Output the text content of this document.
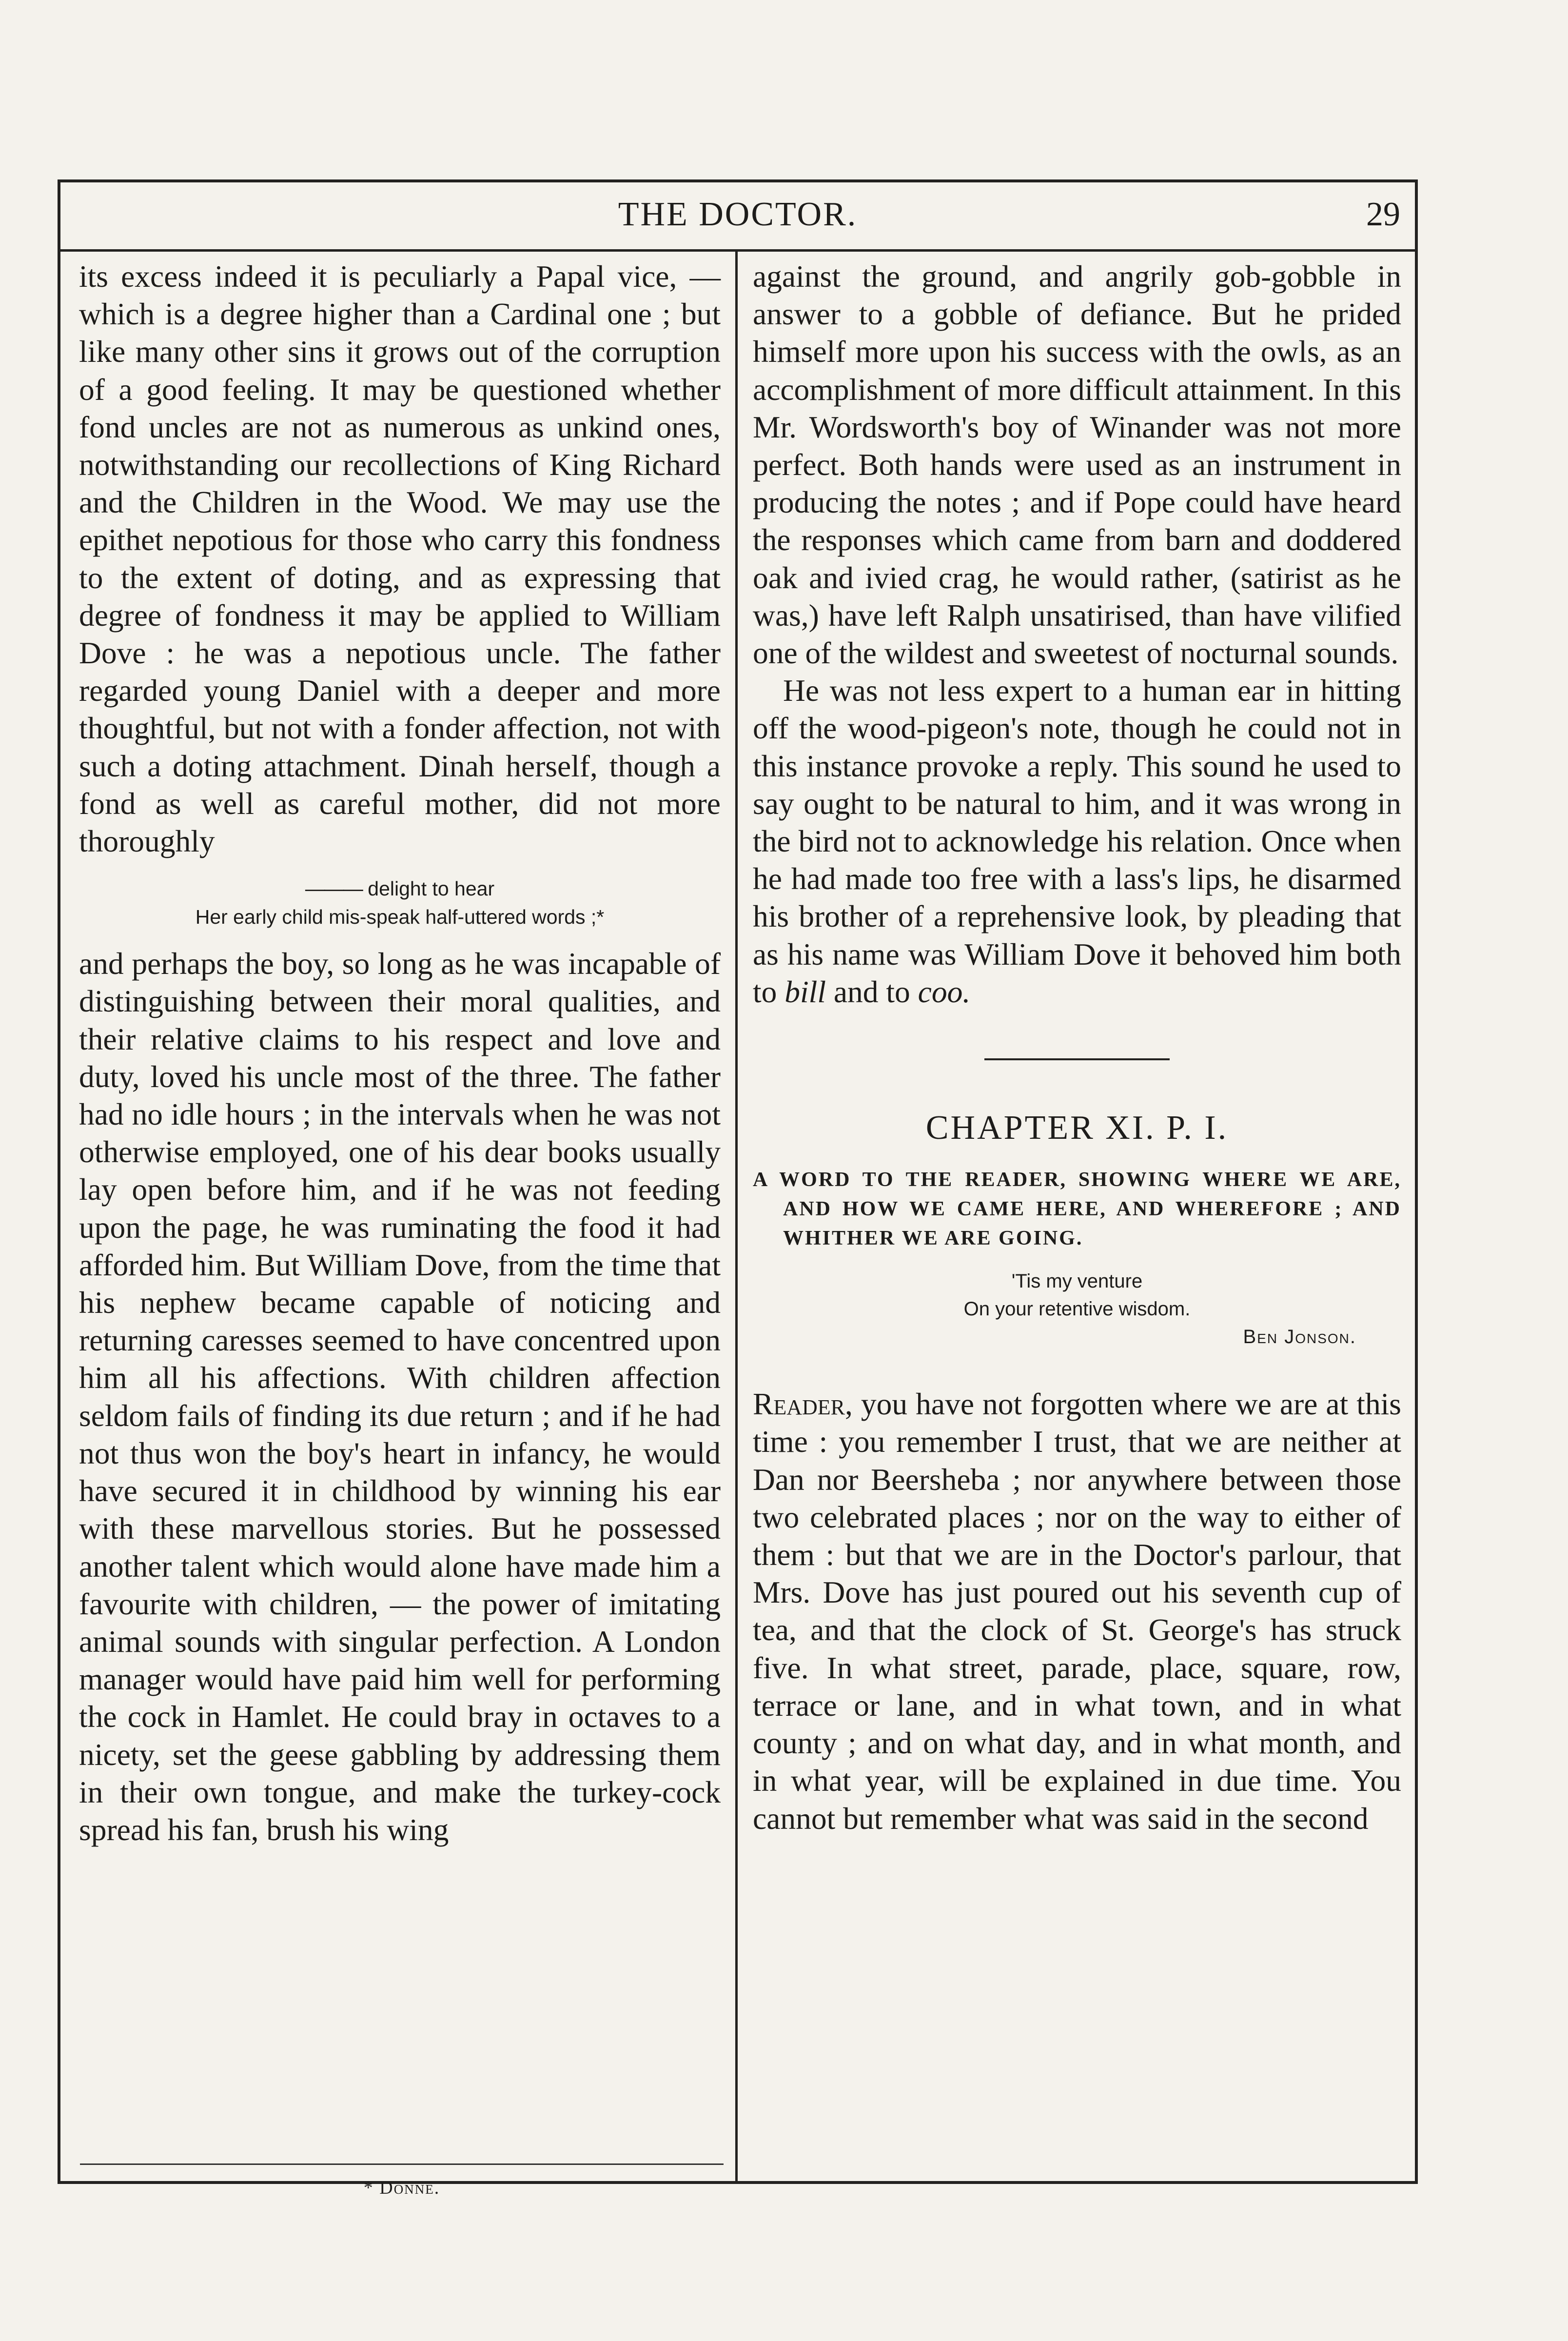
THE DOCTOR.	29

its excess indeed it is peculiarly a Papal vice, — which is a degree higher than a Cardinal one ; but like many other sins it grows out of the corruption of a good feeling. It may be questioned whether fond uncles are not as numerous as unkind ones, notwithstanding our recollections of King Richard and the Children in the Wood. We may use the epithet nepotious for those who carry this fondness to the extent of doting, and as expressing that degree of fondness it may be applied to William Dove : he was a nepotious uncle. The father regarded young Daniel with a deeper and more thoughtful, but not with a fonder affection, not with such a doting attachment. Dinah herself, though a fond as well as careful mother, did not more thoroughly

——— delight to hear
Her early child mis-speak half-uttered words ;*

and perhaps the boy, so long as he was incapable of distinguishing between their moral qualities, and their relative claims to his respect and love and duty, loved his uncle most of the three. The father had no idle hours ; in the intervals when he was not otherwise employed, one of his dear books usually lay open before him, and if he was not feeding upon the page, he was ruminating the food it had afforded him. But William Dove, from the time that his nephew became capable of noticing and returning caresses seemed to have concentred upon him all his affections. With children affection seldom fails of finding its due return ; and if he had not thus won the boy's heart in infancy, he would have secured it in childhood by winning his ear with these marvellous stories. But he possessed another talent which would alone have made him a favourite with children, — the power of imitating animal sounds with singular perfection. A London manager would have paid him well for performing the cock in Hamlet. He could bray in octaves to a nicety, set the geese gabbling by addressing them in their own tongue, and make the turkey-cock spread his fan, brush his wing

* Donne.

against the ground, and angrily gob-gobble in answer to a gobble of defiance. But he prided himself more upon his success with the owls, as an accomplishment of more difficult attainment. In this Mr. Wordsworth's boy of Winander was not more perfect. Both hands were used as an instrument in producing the notes ; and if Pope could have heard the responses which came from barn and doddered oak and ivied crag, he would rather, (satirist as he was,) have left Ralph unsatirised, than have vilified one of the wildest and sweetest of nocturnal sounds.

He was not less expert to a human ear in hitting off the wood-pigeon's note, though he could not in this instance provoke a reply. This sound he used to say ought to be natural to him, and it was wrong in the bird not to acknowledge his relation. Once when he had made too free with a lass's lips, he disarmed his brother of a reprehensive look, by pleading that as his name was William Dove it behoved him both to bill and to coo.

CHAPTER XI. P. I.
A WORD TO THE READER, SHOWING WHERE WE ARE, AND HOW WE CAME HERE, AND WHEREFORE ; AND WHITHER WE ARE GOING.
'Tis my venture
On your retentive wisdom.
Ben Jonson.

Reader, you have not forgotten where we are at this time : you remember I trust, that we are neither at Dan nor Beersheba ; nor anywhere between those two celebrated places ; nor on the way to either of them : but that we are in the Doctor's parlour, that Mrs. Dove has just poured out his seventh cup of tea, and that the clock of St. George's has struck five. In what street, parade, place, square, row, terrace or lane, and in what town, and in what county ; and on what day, and in what month, and in what year, will be explained in due time. You cannot but remember what was said in the second
